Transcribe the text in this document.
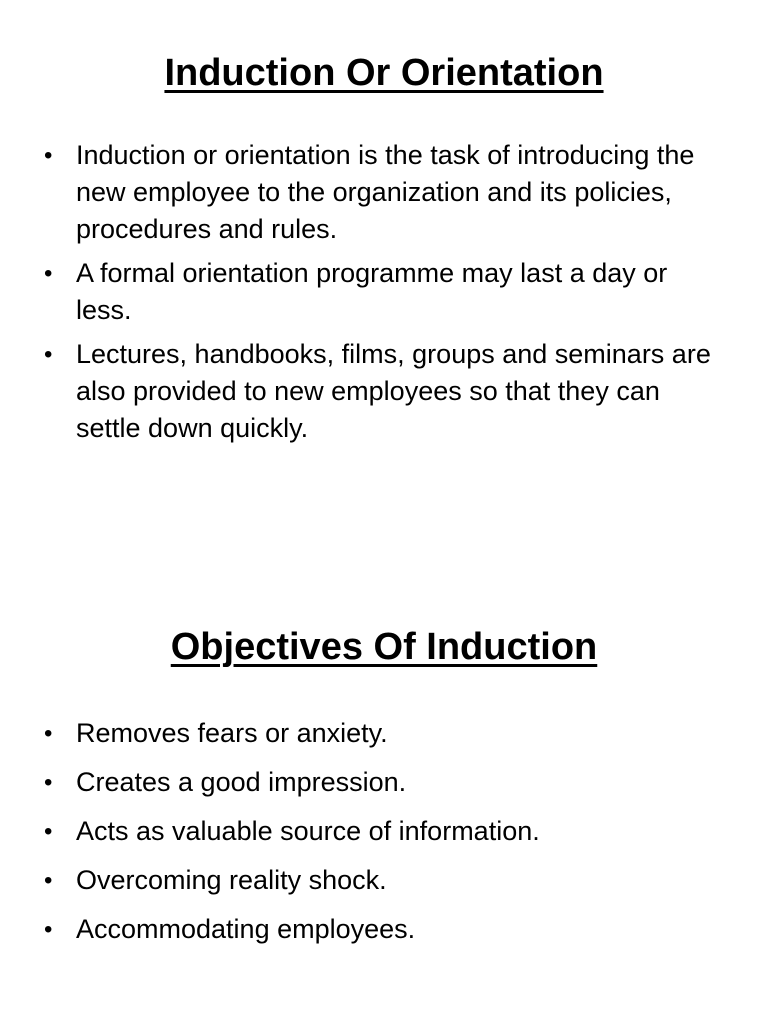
Induction Or Orientation
• Induction or orientation is the task of introducing the new employee to the organization and its policies, procedures and rules.
• A formal orientation programme may last a day or less.
• Lectures, handbooks, films, groups and seminars are also provided to new employees so that they can settle down quickly.
Objectives Of Induction
• Removes fears or anxiety.
• Creates a good impression.
• Acts as valuable source of information.
• Overcoming reality shock.
• Accommodating employees.
